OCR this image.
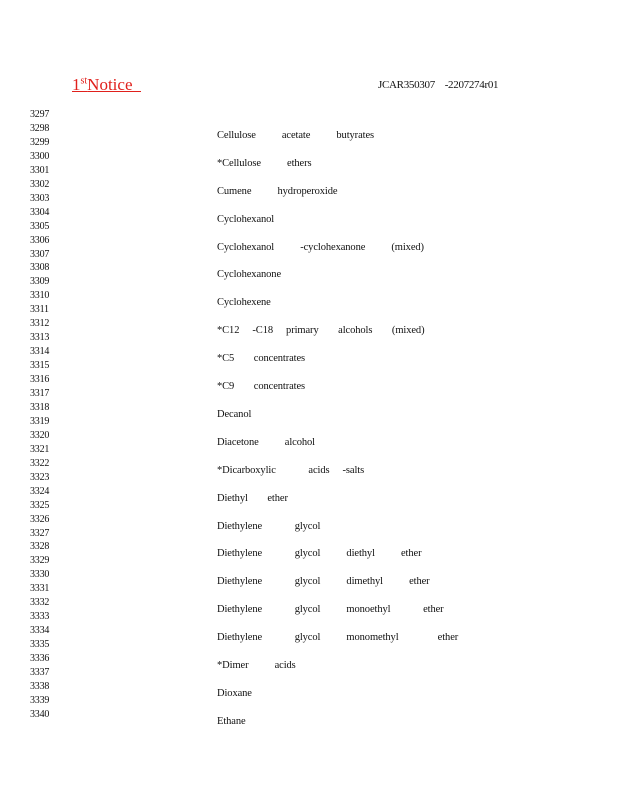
1stNotice	JCAR350307    -2207274r01
3297
3298
Cellulose    acetate    butyrates
3299
3300
*Cellulose    ethers
3301
3302
Cumene    hydroperoxide
3303
3304
Cyclohexanol
3305
3306
Cyclohexanol    -cyclohexanone    (mixed)
3307
3308
Cyclohexanone
3309
3310
Cyclohexene
3311
3312
*C12  -C18  primary   alcohols   (mixed)
3313
3314
*C5   concentrates
3315
3316
*C9   concentrates
3317
3318
Decanol
3319
3320
Diacetone    alcohol
3321
3322
*Dicarboxylic     acids  -salts
3323
3324
Diethyl   ether
3325
3326
Diethylene     glycol
3327
3328
Diethylene     glycol    diethyl    ether
3329
3330
Diethylene     glycol    dimethyl    ether
3331
3332
Diethylene     glycol    monoethyl     ether
3333
3334
Diethylene     glycol    monomethyl      ether
3335
3336
*Dimer    acids
3337
3338
Dioxane
3339
3340
Ethane
